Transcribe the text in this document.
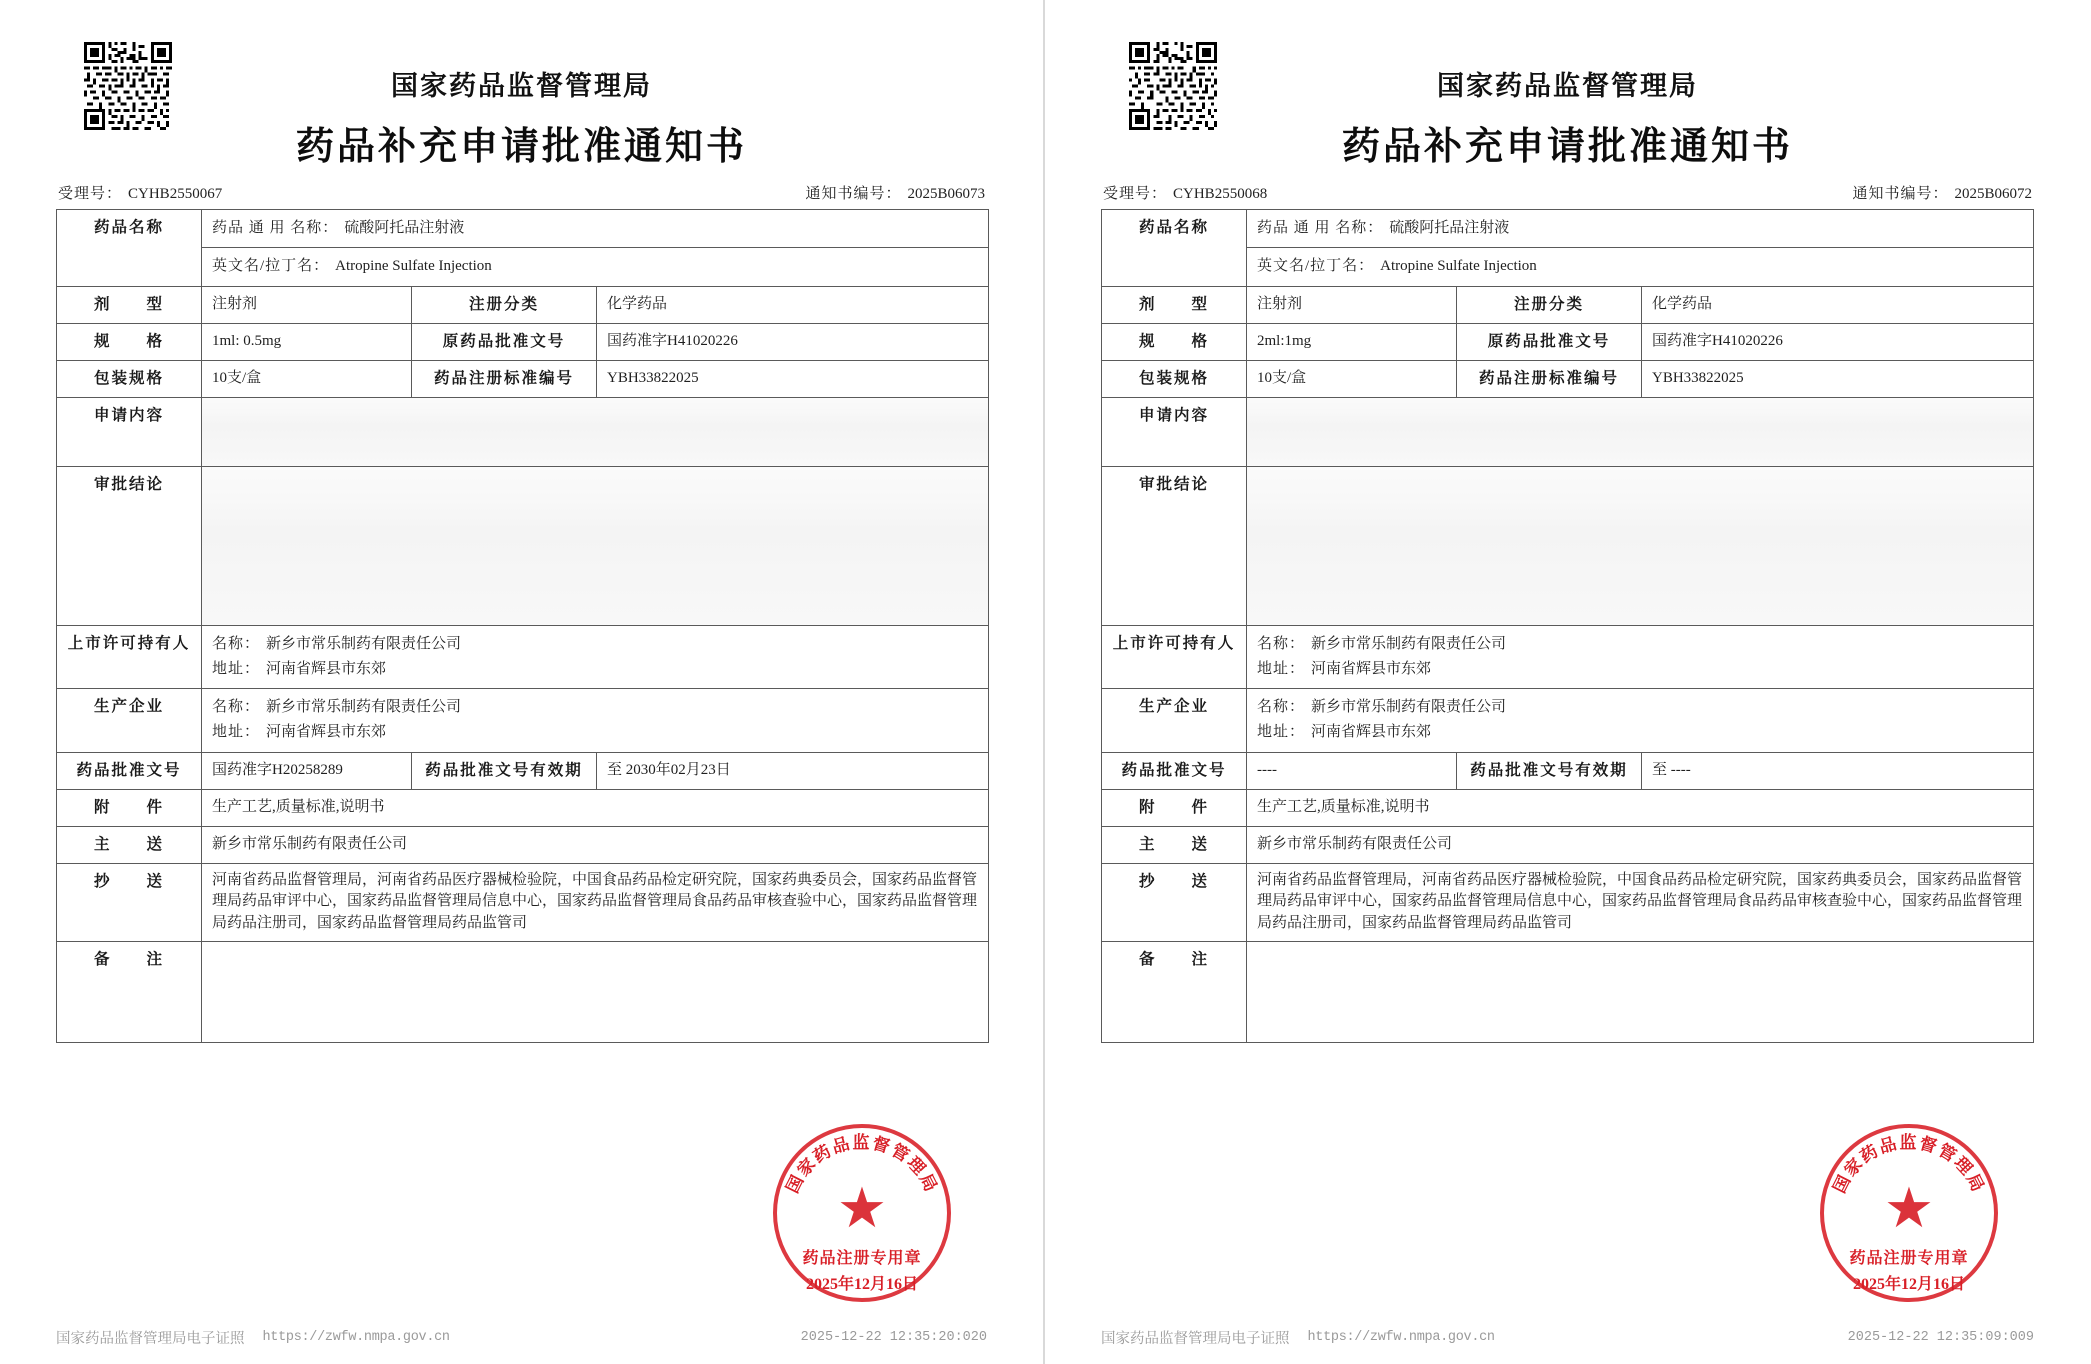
国家药品监督管理局
药品补充申请批准通知书
受理号： CYHB2550067	通知书编号： 2025B06073
药品名称	药品 通 用 名称： 硫酸阿托品注射液		

	英文名/拉丁名： Atropine Sulfate Injection		

剂　　型	注射剂	注册分类	化学药品
规　　格	1ml: 0.5mg	原药品批准文号	国药准字H41020226
包装规格	10支/盒	药品注册标准编号	YBH33822025
申请内容			
审批结论			
上市许可持有人	名称： 新乡市常乐制药有限责任公司
地址： 河南省辉县市东郊		

生产企业	名称： 新乡市常乐制药有限责任公司
地址： 河南省辉县市东郊		

药品批准文号	国药准字H20258289	药品批准文号有效期	至 2030年02月23日
附　　件	生产工艺,质量标准,说明书		
主　　送	新乡市常乐制药有限责任公司		
抄　　送	河南省药品监督管理局，河南省药品医疗器械检验院，中国食品药品检定研究院，国家药典委员会，国家药品监督管理局药品审评中心，国家药品监督管理局信息中心，国家药品监督管理局食品药品审核查验中心，国家药品监督管理局药品注册司，国家药品监督管理局药品监管司		
备　　注			
国家药品监督管理局
★
药品注册专用章
2025年12月16日
国家药品监督管理局电子证照 https://zwfw.nmpa.gov.cn	2025-12-22 12:35:20:020
国家药品监督管理局
药品补充申请批准通知书
受理号： CYHB2550068	通知书编号： 2025B06072
药品名称	药品 通 用 名称： 硫酸阿托品注射液		

	英文名/拉丁名： Atropine Sulfate Injection		

剂　　型	注射剂	注册分类	化学药品
规　　格	2ml:1mg	原药品批准文号	国药准字H41020226
包装规格	10支/盒	药品注册标准编号	YBH33822025
申请内容			
审批结论			
上市许可持有人	名称： 新乡市常乐制药有限责任公司
地址： 河南省辉县市东郊		

生产企业	名称： 新乡市常乐制药有限责任公司
地址： 河南省辉县市东郊		

药品批准文号	----	药品批准文号有效期	至 ----
附　　件	生产工艺,质量标准,说明书		
主　　送	新乡市常乐制药有限责任公司		
抄　　送	河南省药品监督管理局，河南省药品医疗器械检验院，中国食品药品检定研究院，国家药典委员会，国家药品监督管理局药品审评中心，国家药品监督管理局信息中心，国家药品监督管理局食品药品审核查验中心，国家药品监督管理局药品注册司，国家药品监督管理局药品监管司		
备　　注			
国家药品监督管理局
★
药品注册专用章
2025年12月16日
国家药品监督管理局电子证照 https://zwfw.nmpa.gov.cn	2025-12-22 12:35:09:009
